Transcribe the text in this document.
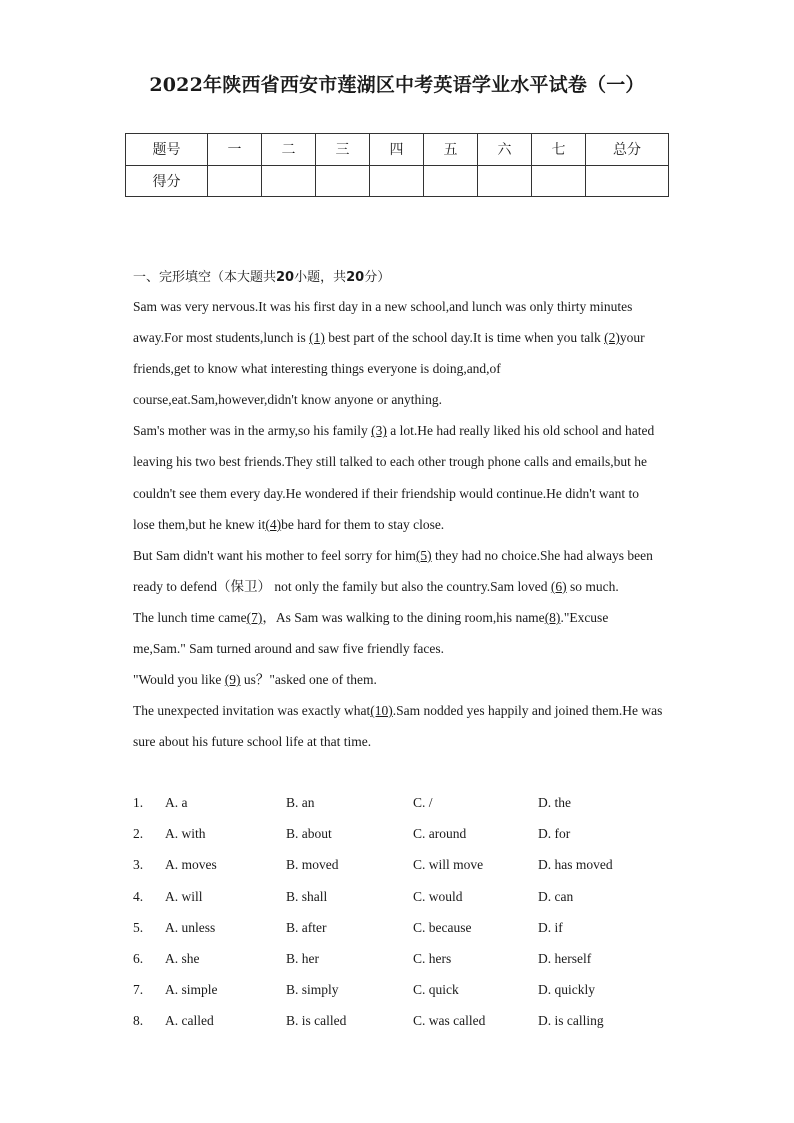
2022年陕西省西安市莲湖区中考英语学业水平试卷（一）
题号	一	二	三	四	五	六	七	总分
得分								
一、完形填空（本大题共20小题，共20分）

Sam was very nervous.It was his first day in a new school,and lunch was only thirty minutes away.For most students,lunch is (1) best part of the school day.It is time when you talk (2)your friends,get to know what interesting things everyone is doing,and,of course,eat.Sam,however,didn't know anyone or anything.

Sam's mother was in the army,so his family (3) a lot.He had really liked his old school and hated leaving his two best friends.They still talked to each other trough phone calls and emails,but he couldn't see them every day.He wondered if their friendship would continue.He didn't want to lose them,but he knew it(4)be hard for them to stay close.

But Sam didn't want his mother to feel sorry for him(5) they had no choice.She had always been ready to defend（保卫） not only the family but also the country.Sam loved (6) so much.

The lunch time came(7)，As Sam was walking to the dining room,his name(8)."Excuse me,Sam." Sam turned around and saw five friendly faces.

"Would you like (9) us？"asked one of them.

The unexpected invitation was exactly what(10).Sam nodded yes happily and joined them.He was sure about his future school life at that time.

1. A. a	B. an	C. /	D. the
2. A. with	B. about	C. around	D. for
3. A. moves	B. moved	C. will move	D. has moved
4. A. will	B. shall	C. would	D. can
5. A. unless	B. after	C. because	D. if
6. A. she	B. her	C. hers	D. herself
7. A. simple	B. simply	C. quick	D. quickly
8. A. called	B. is called	C. was called	D. is calling
